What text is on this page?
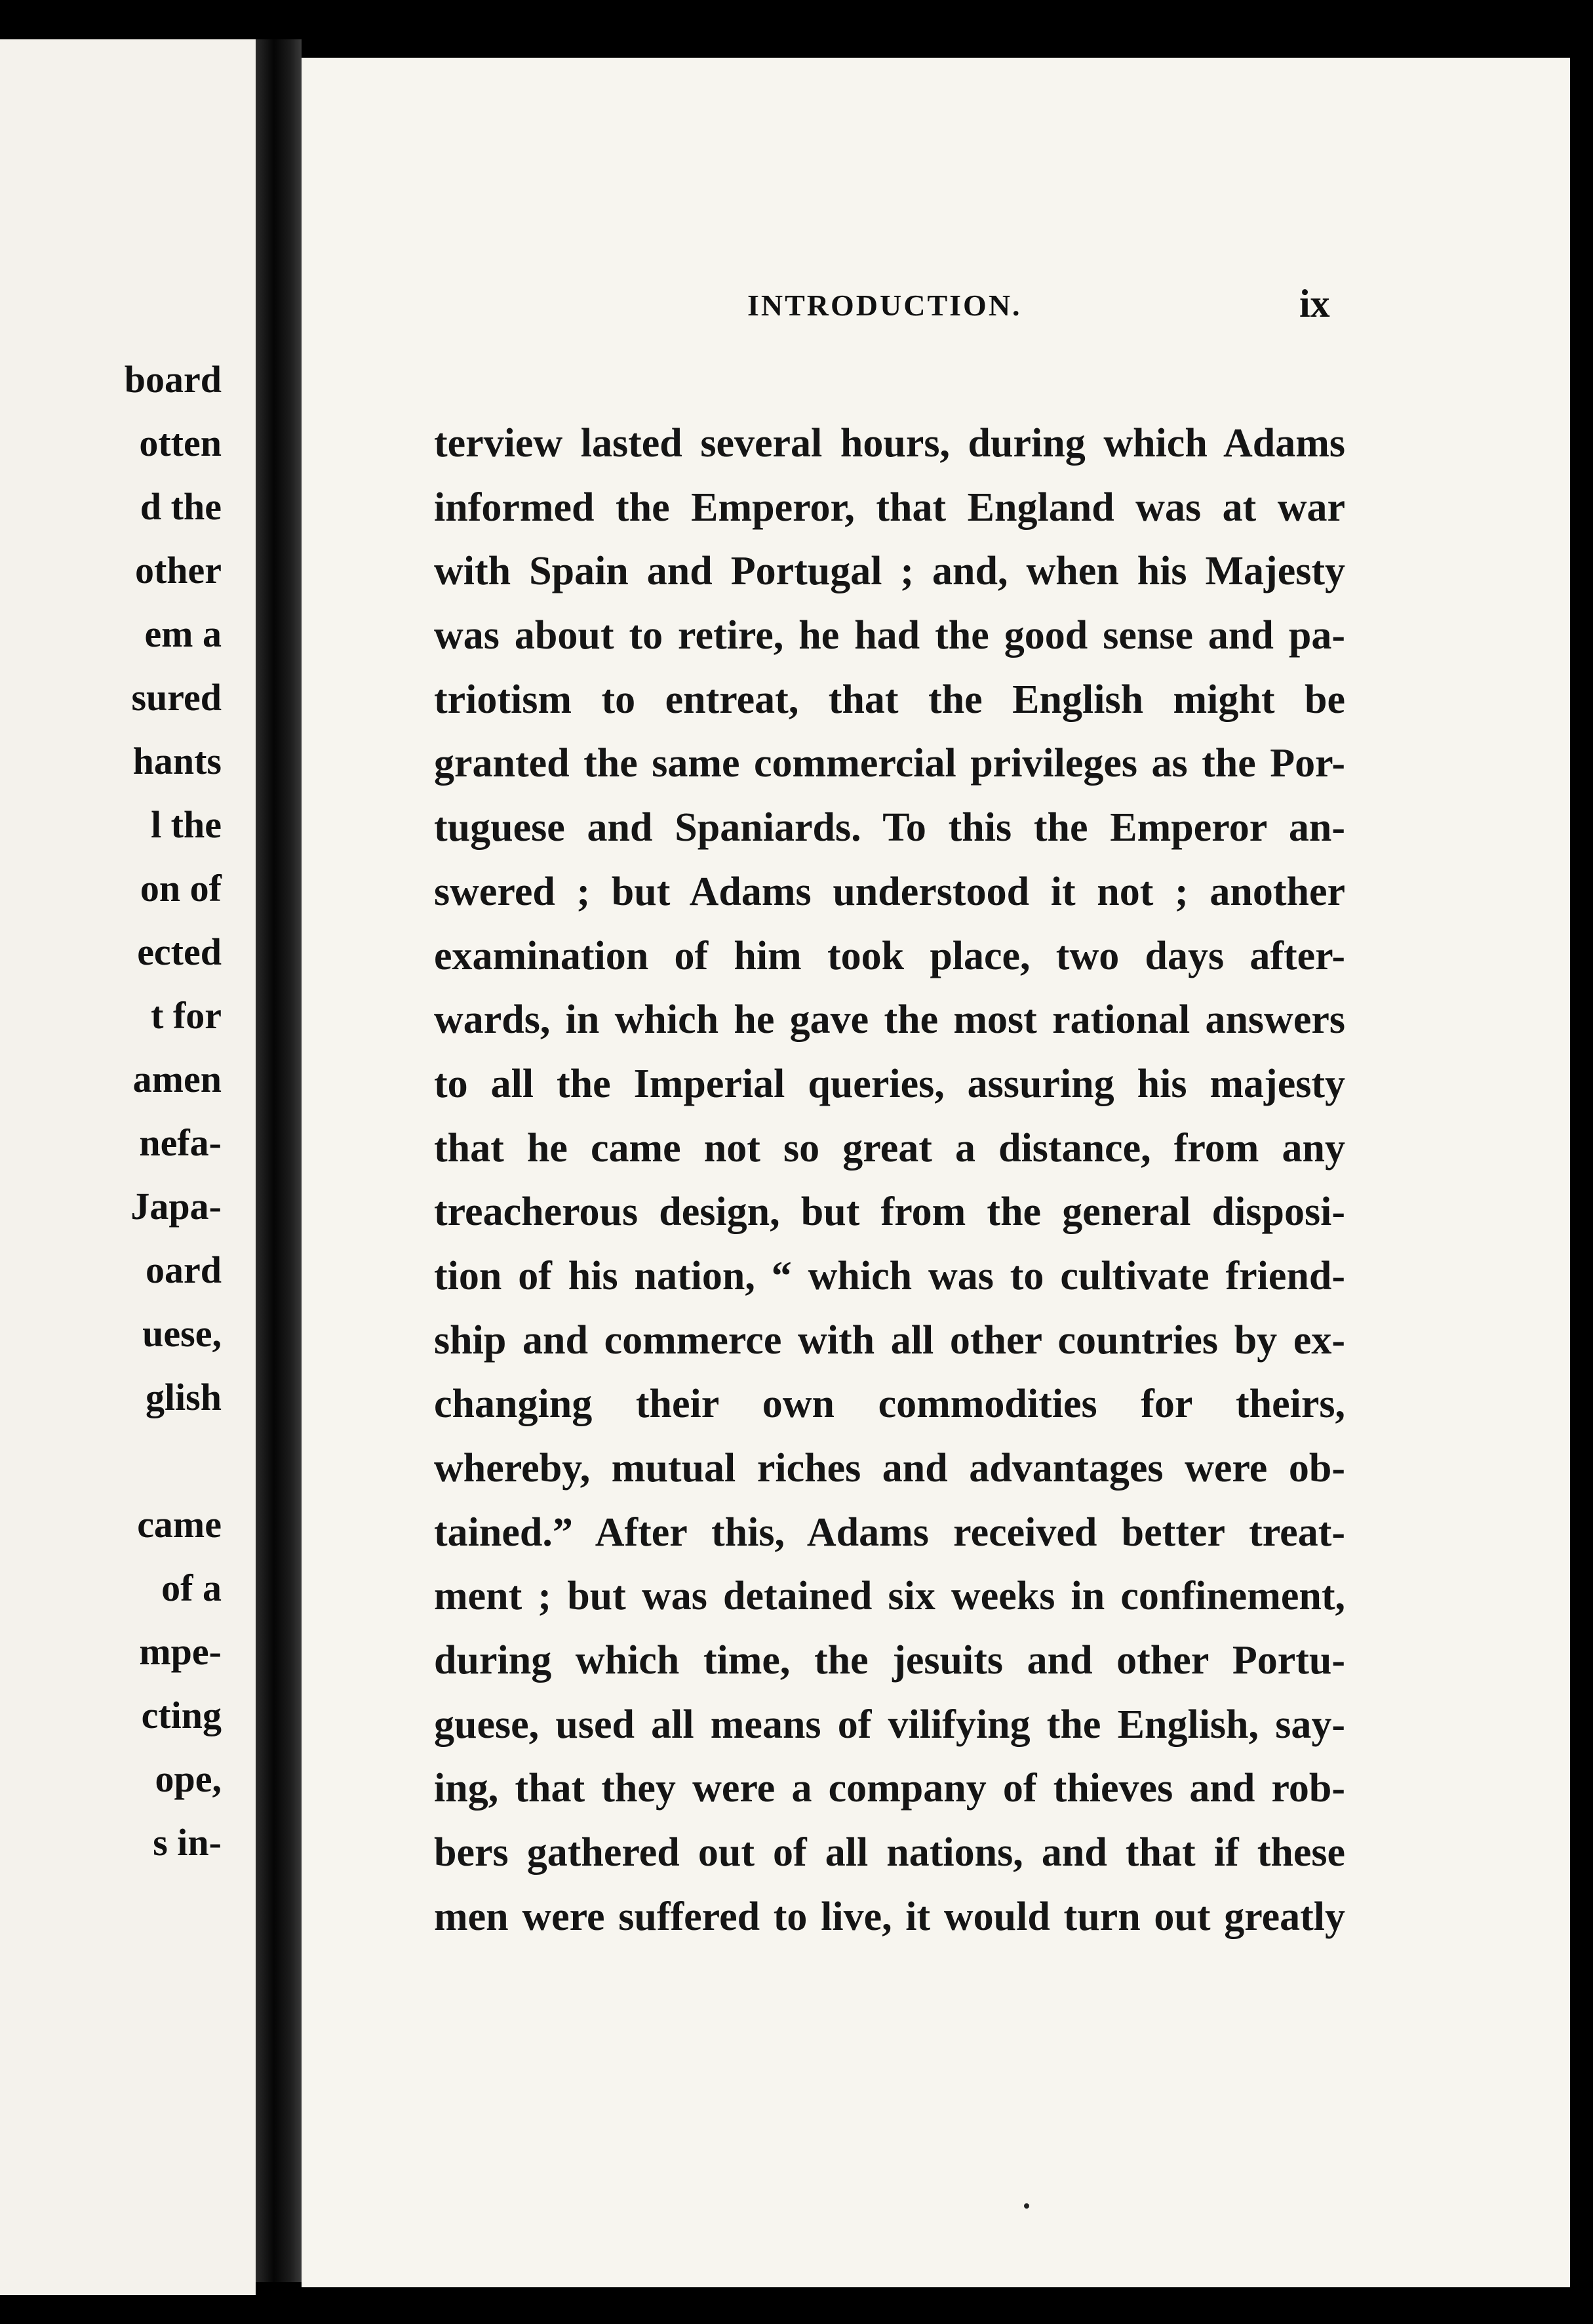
board
otten
d the
other
em a
sured
hants
l the
on of
ected
t for
amen
nefa-
Japa-
oard
uese,
glish
came
of a
mpe-
cting
ope,
s in-
INTRODUCTION.	ix
terview lasted several hours, during which Adams
informed the Emperor, that England was at war
with Spain and Portugal ; and, when his Majesty
was about to retire, he had the good sense and pa-
triotism to entreat, that the English might be
granted the same commercial privileges as the Por-
tuguese and Spaniards. To this the Emperor an-
swered ; but Adams understood it not ; another
examination of him took place, two days after-
wards, in which he gave the most rational answers
to all the Imperial queries, assuring his majesty
that he came not so great a distance, from any
treacherous design, but from the general disposi-
tion of his nation, “ which was to cultivate friend-
ship and commerce with all other countries by ex-
changing their own commodities for theirs,
whereby, mutual riches and advantages were ob-
tained.” After this, Adams received better treat-
ment ; but was detained six weeks in confinement,
during which time, the jesuits and other Portu-
guese, used all means of vilifying the English, say-
ing, that they were a company of thieves and rob-
bers gathered out of all nations, and that if these
men were suffered to live, it would turn out greatly
